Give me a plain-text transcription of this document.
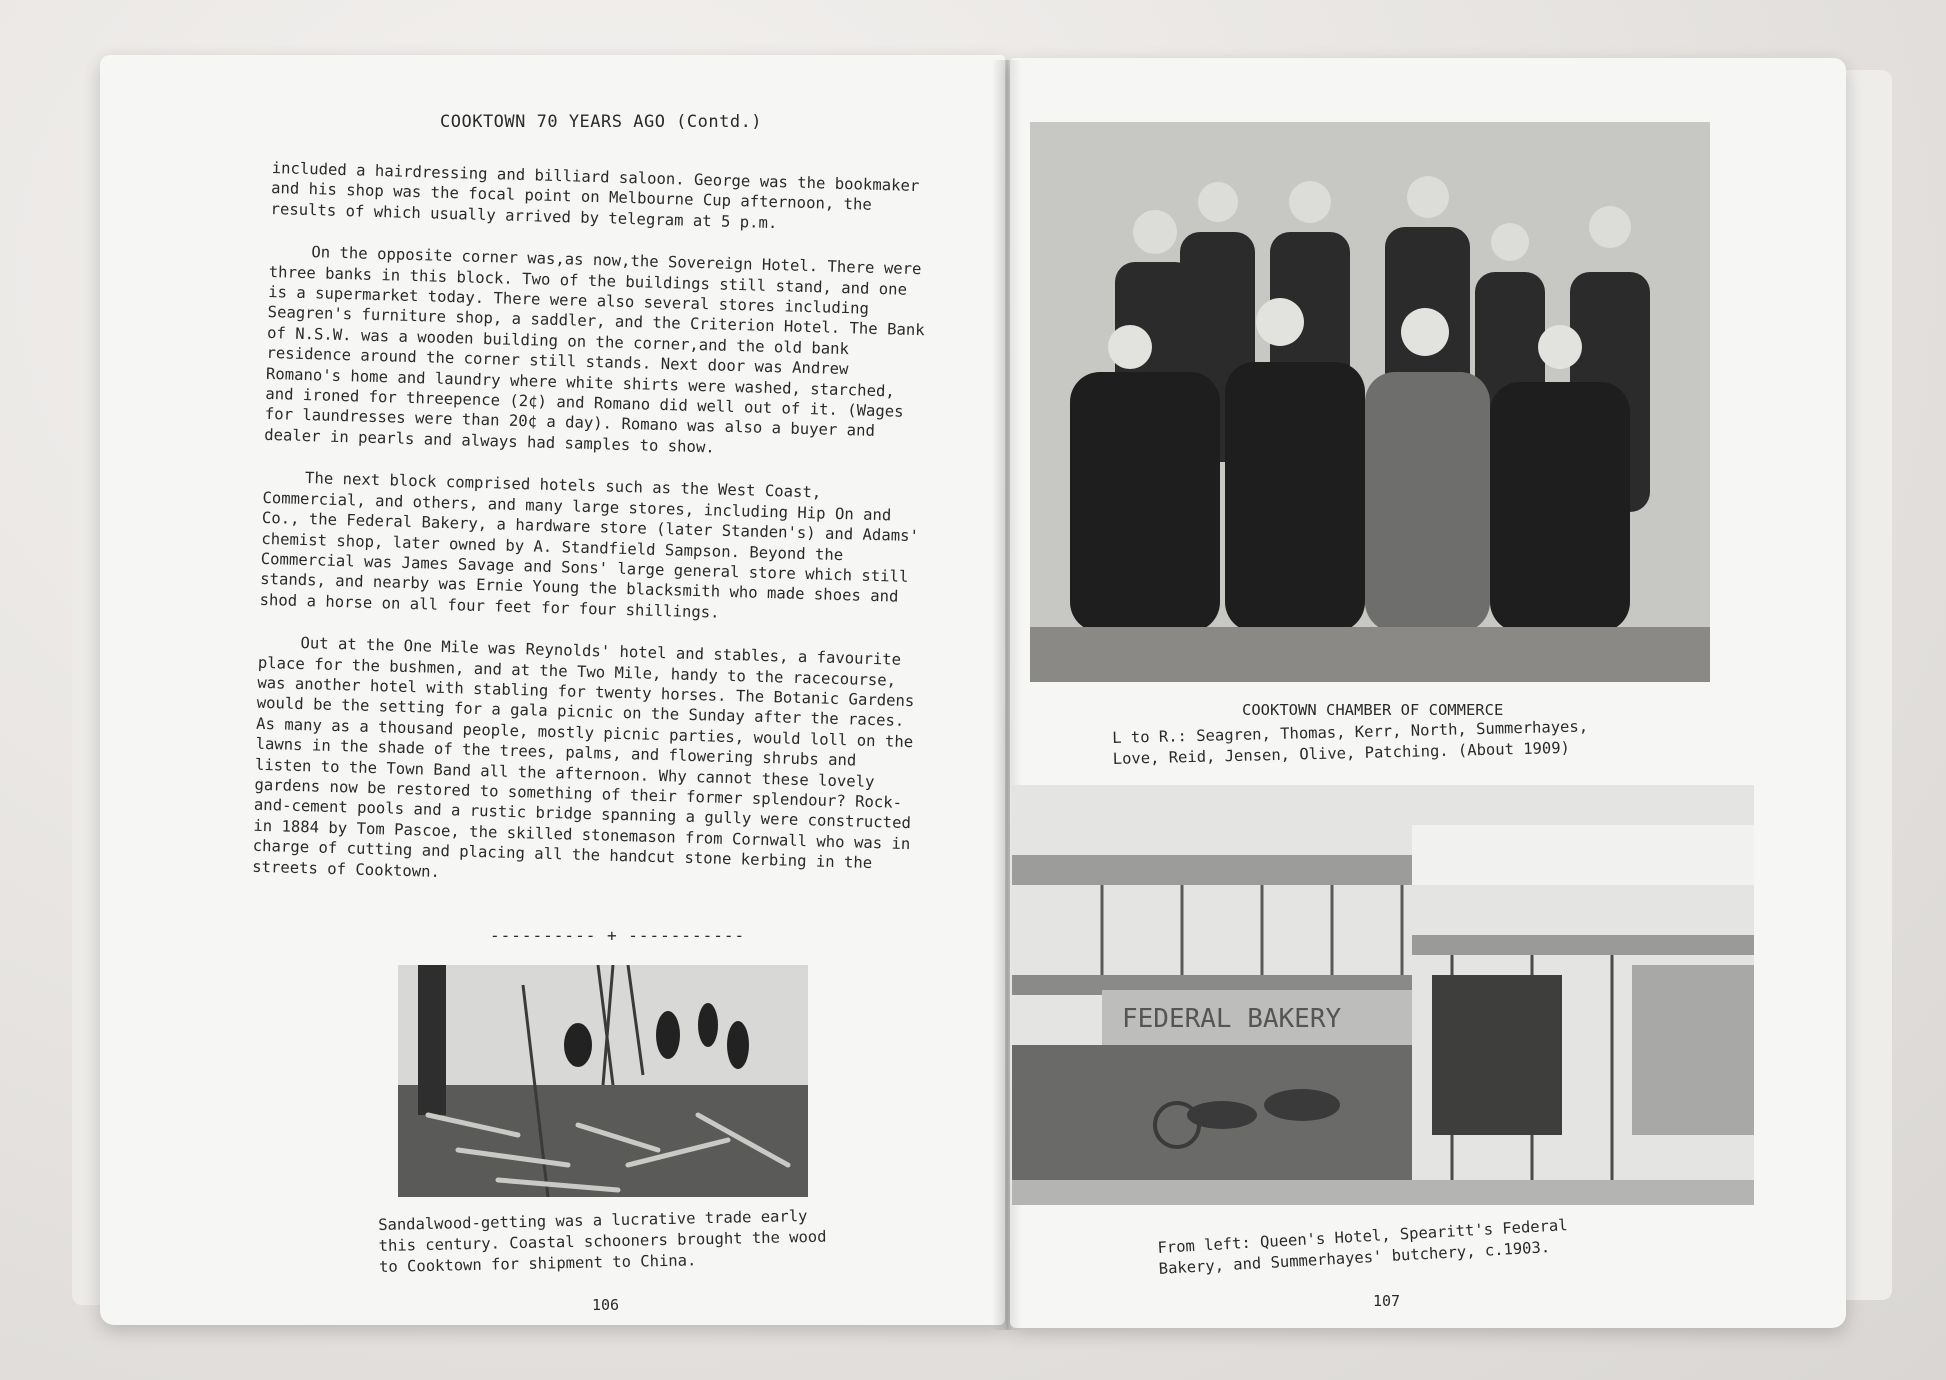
COOKTOWN 70 YEARS AGO (Contd.)

included a hairdressing and billiard saloon. George was the bookmaker and his shop was the focal point on Melbourne Cup afternoon, the results of which usually arrived by telegram at 5 p.m.

On the opposite corner was,as now,the Sovereign Hotel. There were three banks in this block. Two of the buildings still stand, and one is a supermarket today. There were also several stores including Seagren's furniture shop, a saddler, and the Criterion Hotel. The Bank of N.S.W. was a wooden building on the corner,and the old bank residence around the corner still stands. Next door was Andrew Romano's home and laundry where white shirts were washed, starched, and ironed for threepence (2¢) and Romano did well out of it. (Wages for laundresses were than 20¢ a day). Romano was also a buyer and dealer in pearls and always had samples to show.

The next block comprised hotels such as the West Coast, Commercial, and others, and many large stores, including Hip On and Co., the Federal Bakery, a hardware store (later Standen's) and Adams' chemist shop, later owned by A. Standfield Sampson. Beyond the Commercial was James Savage and Sons' large general store which still stands, and nearby was Ernie Young the blacksmith who made shoes and shod a horse on all four feet for four shillings.

Out at the One Mile was Reynolds' hotel and stables, a favourite place for the bushmen, and at the Two Mile, handy to the racecourse, was another hotel with stabling for twenty horses. The Botanic Gardens would be the setting for a gala picnic on the Sunday after the races. As many as a thousand people, mostly picnic parties, would loll on the lawns in the shade of the trees, palms, and flowering shrubs and listen to the Town Band all the afternoon. Why cannot these lovely gardens now be restored to something of their former splendour? Rock-and-cement pools and a rustic bridge spanning a gully were constructed in 1884 by Tom Pascoe, the skilled stonemason from Cornwall who was in charge of cutting and placing all the handcut stone kerbing in the streets of Cooktown.

---------- + -----------
Sandalwood-getting was a lucrative trade early this century. Coastal schooners brought the wood to Cooktown for shipment to China.
106
COOKTOWN CHAMBER OF COMMERCE
L to R.: Seagren, Thomas, Kerr, North, Summerhayes, Love, Reid, Jensen, Olive, Patching. (About 1909)
FEDERAL BAKERY
From left: Queen's Hotel, Spearitt's Federal Bakery, and Summerhayes' butchery, c.1903.
107
